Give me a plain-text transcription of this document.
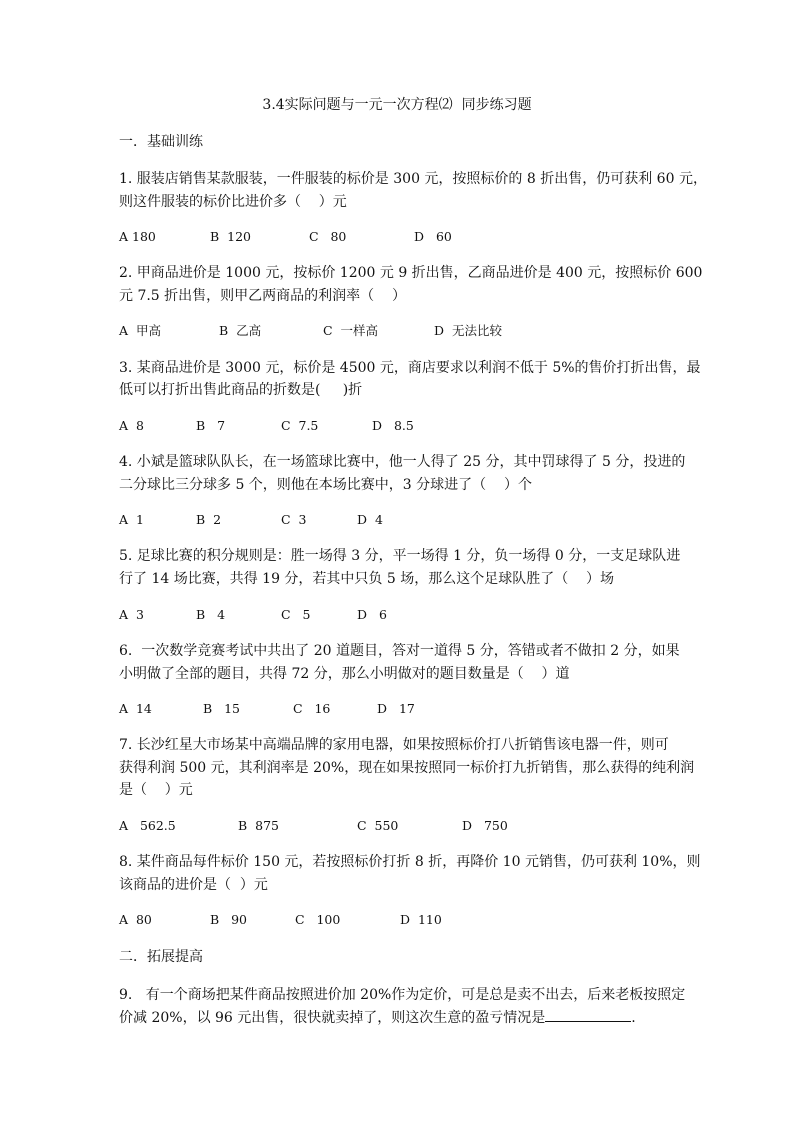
3.4实际问题与一元一次方程⑵  同步练习题
一．基础训练
1. 服装店销售某款服装，一件服装的标价是 300 元，按照标价的 8 折出售，仍可获利 60 元，
则这件服装的标价比进价多（    ）元
A 180	B  120	C   80	D   60
2. 甲商品进价是 1000 元，按标价 1200 元 9 折出售，乙商品进价是 400 元，按照标价 600
元 7.5 折出售，则甲乙两商品的利润率（    ）
A  甲高	B  乙高	C  一样高	D  无法比较
3. 某商品进价是 3000 元，标价是 4500 元，商店要求以利润不低于 5%的售价打折出售，最
低可以打折出售此商品的折数是(     )折
A  8	B   7	C  7.5	D   8.5
4. 小斌是篮球队队长，在一场篮球比赛中，他一人得了 25 分，其中罚球得了 5 分，投进的
二分球比三分球多 5 个，则他在本场比赛中，3 分球进了（    ）个
A  1	B  2	C  3	D  4
5. 足球比赛的积分规则是：胜一场得 3 分，平一场得 1 分，负一场得 0 分，一支足球队进
行了 14 场比赛，共得 19 分，若其中只负 5 场，那么这个足球队胜了（    ）场
A  3	B   4	C   5	D   6
6.  一次数学竞赛考试中共出了 20 道题目，答对一道得 5 分，答错或者不做扣 2 分，如果
小明做了全部的题目，共得 72 分，那么小明做对的题目数量是（    ）道
A  14	B   15	C   16	D   17
7. 长沙红星大市场某中高端品牌的家用电器，如果按照标价打八折销售该电器一件，则可
获得利润 500 元，其利润率是 20%，现在如果按照同一标价打九折销售，那么获得的纯利润
是（    ）元
A   562.5	B  875	C  550	D   750
8. 某件商品每件标价 150 元，若按照标价打折 8 折，再降价 10 元销售，仍可获利 10%，则
该商品的进价是（  ）元
A  80	B   90	C   100	D  110
二．拓展提高
9.   有一个商场把某件商品按照进价加 20%作为定价，可是总是卖不出去，后来老板按照定
价减 20%，以 96 元出售，很快就卖掉了，则这次生意的盈亏情况是	.
